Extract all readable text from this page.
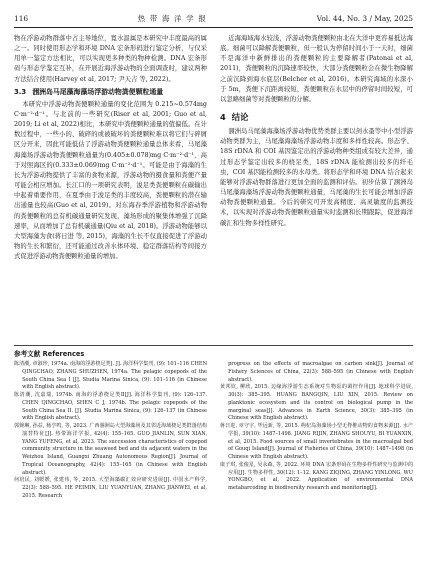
116	热 带 海 洋 学 报	Vol. 44, No. 3 / May, 2025

物在浮游动物群落中占主导地位，寬水温属是本研究中丰度最高的属之一。同时使用形态学和环境 DNA 宏条形码进行鉴定分析，与仅采用单一鉴定方法相比，可以实现更多种类的物种检测。DNA 宏条形码与形态学鉴定互补，在开展近海浮游动物的全面调查时，建议两种方法结合使用(Harvey et al, 2017; 尹天吉 等, 2022)。

3.3 涠洲岛马尾藻海藻场浮游动物粪便颗粒通量

本研究中浮游动物粪便颗粒通量的变化范围为 0.215~0.574mg C·m⁻²·d⁻¹。与北前的一些研究(Riser et al, 2001; Guo et al, 2019; Li et al, 2022)相比，本研究中粪便颗粒通量的值偏低。在计数过程中，一些小的、破碎的或被破坏的粪便颗粒难以将它们与碎屑区分开来，因此可能低估了浮游动物粪便颗粒通量总体来看，马尾藻海藻场浮游动物粪便颗粒通量为(0.405±0.078)mg C·m⁻²·d⁻¹，高于对照海区的(0.333±0.069)mg C·m⁻²·d⁻¹。可能是由于海藻的生长为浮游动物提供了丰富的食物来源，浮游动物的摄食量和粪便产量可能会相应增加。长江口的一项研究表明，浚足类粪便颗粒在碳输出中起着重要作用，在夏季由于浚足类的丰度较高，粪便颗粒的潜在输出通量也较高(Guo et al, 2019)。对东海春季浮游植物和浮游动物的粪便颗粒的总有机碳通量研究发现，藻场形成的聚集体增强了沉降速率，从而增加了总有机碳通量(Qiu et al, 2018)。浮游动物能够以大型海藻为食(蒋日进 等, 2015)，海藻的生长不仅直接促进了浮游动物的生长和繁衍，还可能通过改善水体环境、稳定群落结构等间接方式促进浮游动物粪便颗粒通量的增加。

近海海域海水较浅，浮游动物粪便颗粒由北在大洋中更容易抵达海底。细菌可以降解粪便颗粒，但一般认为停留时间小于一天时，细菌不是海洋中新鲜排出的粪便颗粒的主要降解者(Patonai et al, 2011)，粪便颗粒的沉降速率较快，大部分粪便颗粒会在微生物降解之前沉降到海水底层(Belcher et al, 2016)。本研究海域的水深小于 5m，粪便下沉距离较短，粪便颗粒在水层中的停留时间较短，可以忽略细菌等对粪便颗粒的分解。

4 结论

涠洲岛马尾藻海藻场浮游动物优势类群主要以剑水蚤等中小型浮游动物类群为主，马尾藻海藻场浮游动物丰度和多样性较高。形态学、18S rDNA 和 COI 基因鉴定出的浮游动物种类组成有较大差异，通过形态学鉴定出较多的桡足类，18S rDNA 能检测出较多的纤毛虫，COI 基因能检测较多的水母类。将形态学和环境 DNA 结合起来能够对浮游动物群落进行更加全面的监测和评估。初步估算了涠洲岛马尾藻海藻场浮游动物粪便颗粒通量，马尾藻的生长可能会增加浮游动物粪便颗粒通量。今后的研究可开发高精度、高灵敏度的监测技术，以实现对浮游动物粪便颗粒通量实时监测和长期跟踪，促进海洋碳汇和生物多样性研究。

参考文献 References

陈清潮, 章淑珍, 1974a. 南海的浮游桡足类[. J]. 海洋科学集刊, (9): 101–116 CHEN QINGCHAO, ZHANG SHUZHEN, 1974a. The pelagic copepods of the South China Sea I [J]. Studia Marina Sinica, (9): 101–116 (in Chinese with English abstract).

陈清潮, 沈嘉瑞, 1974b. 南海的浮游桡足类Ⅱ[J]. 海洋科学集刊, (9): 126–137. CHEN QINGCHAO, SHEN C J, 1974b. The pelagic copepods of the South China Sea II. [J]. Studia Marina Sinica, (9): 126–137 (in Chinese with English abstract).

郭婉琳, 孙益, 杨亨鸣, 等, 2023. 广西涠洲岛大型海藻场及其邻近海域桡足类群落结构演替特征[J]. 热带海洋学报, 42(4): 155–165. GUO JIANLIN, SUN XIAN, YANG YUFENG, et al, 2023. The succession characteristics of copepod community structure in the seaweed bed and its adjacent waters in the Weizhou Island, Guangxi Zhuang Autonomous Region[J]. Journal of Tropical Oceanography, 42(4): 155–165 (in Chinese with English abstract).

何培民, 刘媛媛, 张建伟, 等, 2015. 大型海藻碳汇效应研究进展[J]. 中国水产科学, 22(3): 588–595. HE PEIMIN, LIU YUANYUAN, ZHANG JIANWEI, et al, 2015. Research

progress on the effects of macroalgae on carbon sink[J]. Journal of Fishery Sciences of China, 22(3): 588–595 (in Chinese with English abstract).

黄邦钦, 柳欣, 2015. 边缘海浮游生态系统对生物泵的调控作用[J]. 地球科学进展, 30(3): 385–395. HUANG BANGQIN, LIU XIN, 2015. Review on planktonic ecosystem and its control on biological pump in the marginal seas[J]. Advances in Earth Science, 30(3): 385–395 (in Chinese with English abstract).

蒋日进, 章守宇, 毕远新, 等, 2015. 枸杞岛海藻场小型无脊椎动物的食物来源[J]. 水产学报, 39(10): 1487–1498. JIANG RIJIN, ZHANG SHOUYU, BI YUANXIN, et al, 2015. Food sources of small invertebrates in the macroalgal bed of Gouqi Island[J]. Journal of Fisheries of China, 39(10): 1487–1498 (in Chinese with English abstract).

康子琪, 张俊星, 吴永森, 等, 2022. 环境 DNA 宏条形码在生物多样性研究与监测中的应用[J]. 生物多样性, 30(12): 1–12. KANG ZIQING, ZHANG YINLONG, WU YONGBO, et al, 2022. Application of environmental DNA metabarcoding in biodiversity research and monitoring[J].
